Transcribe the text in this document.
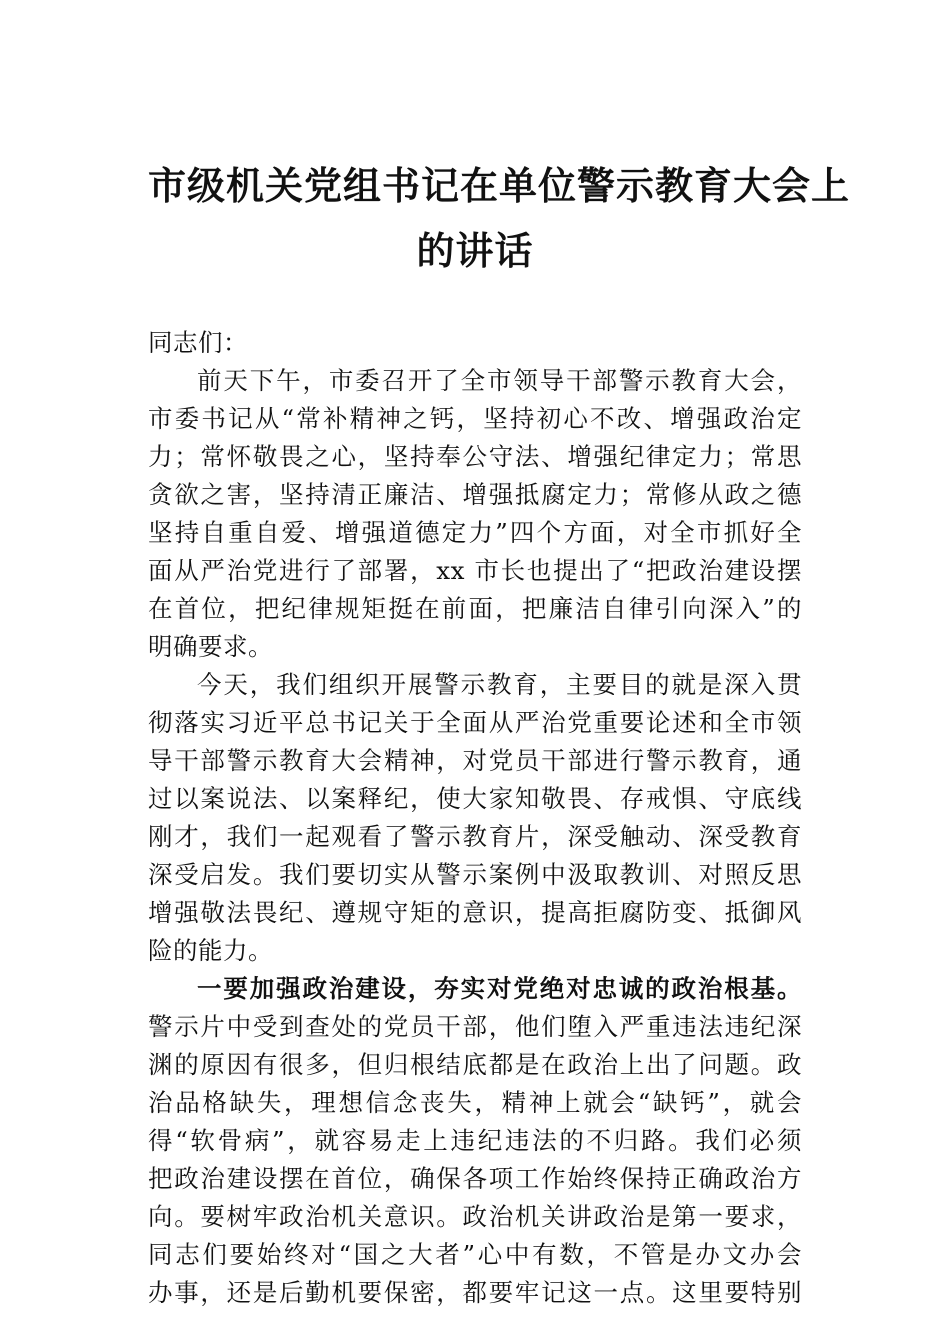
市级机关党组书记在单位警示教育大会上
的讲话
同志们：
前天下午，市委召开了全市领导干部警示教育大会，
市委书记从“常补精神之钙，坚持初心不改、增强政治定
力；常怀敬畏之心，坚持奉公守法、增强纪律定力；常思
贪欲之害，坚持清正廉洁、增强抵腐定力；常修从政之德
坚持自重自爱、增强道德定力”四个方面，对全市抓好全
面从严治党进行了部署，xx 市长也提出了“把政治建设摆
在首位，把纪律规矩挺在前面，把廉洁自律引向深入”的
明确要求。
今天，我们组织开展警示教育，主要目的就是深入贯
彻落实习近平总书记关于全面从严治党重要论述和全市领
导干部警示教育大会精神，对党员干部进行警示教育，通
过以案说法、以案释纪，使大家知敬畏、存戒惧、守底线
刚才，我们一起观看了警示教育片，深受触动、深受教育
深受启发。我们要切实从警示案例中汲取教训、对照反思
增强敬法畏纪、遵规守矩的意识，提高拒腐防变、抵御风
险的能力。
一要加强政治建设，夯实对党绝对忠诚的政治根基。
警示片中受到查处的党员干部，他们堕入严重违法违纪深
渊的原因有很多，但归根结底都是在政治上出了问题。政
治品格缺失，理想信念丧失，精神上就会“缺钙”，就会
得“软骨病”，就容易走上违纪违法的不归路。我们必须
把政治建设摆在首位，确保各项工作始终保持正确政治方
向。要树牢政治机关意识。政治机关讲政治是第一要求，
同志们要始终对“国之大者”心中有数，不管是办文办会
办事，还是后勤机要保密，都要牢记这一点。这里要特别
